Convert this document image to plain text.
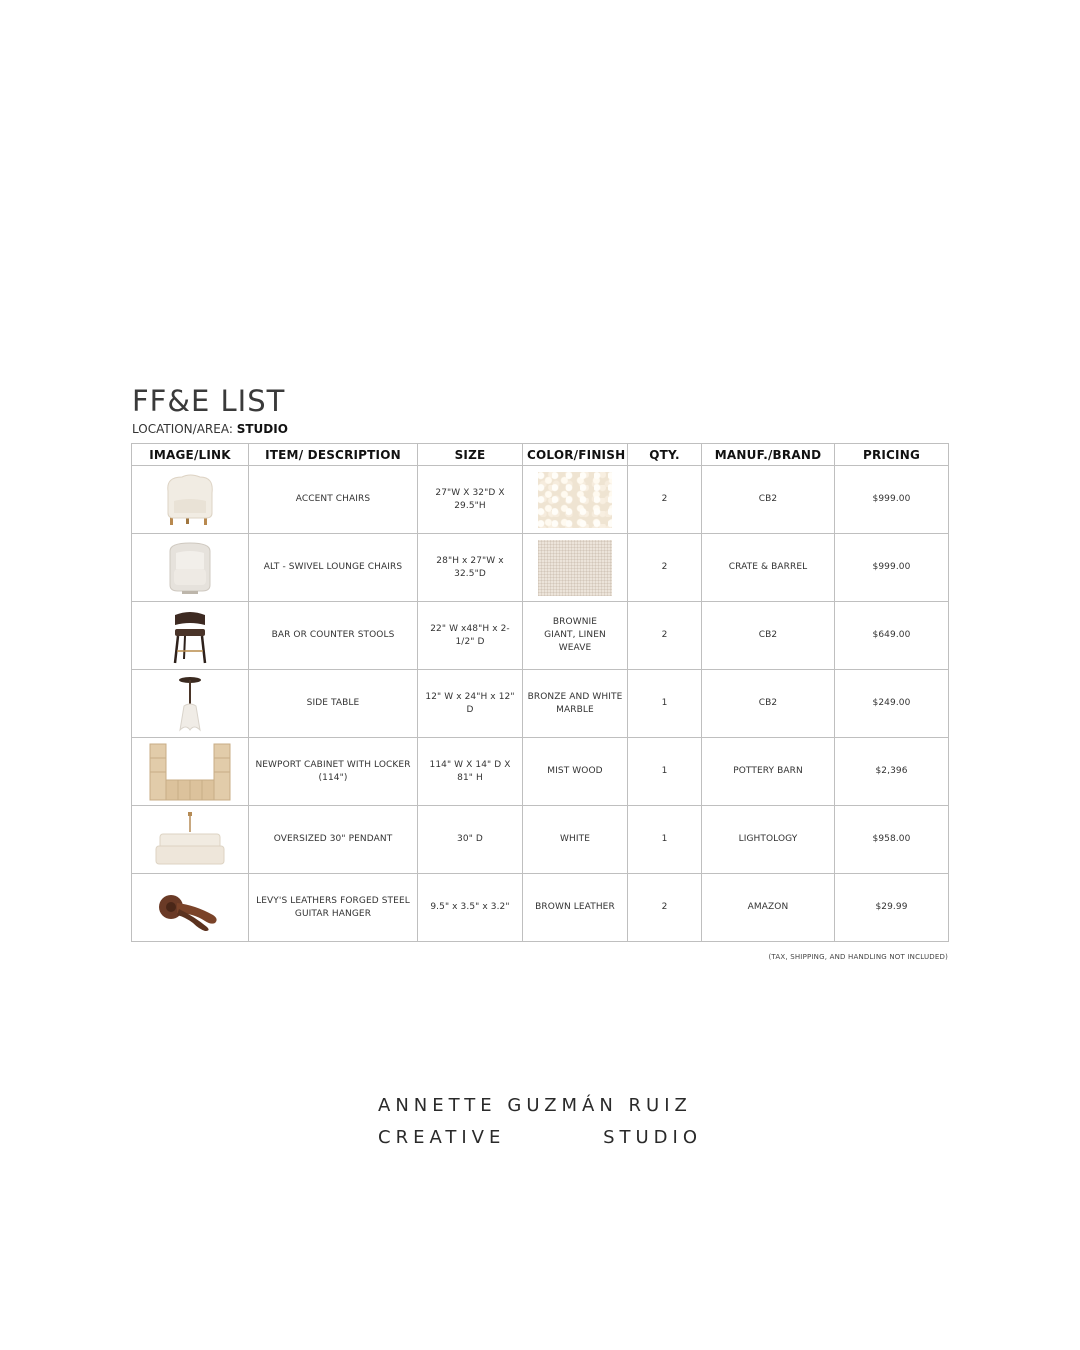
FF&E LIST
LOCATION/AREA: STUDIO
IMAGE/LINK	ITEM/ DESCRIPTION	SIZE	COLOR/FINISH	QTY.	MANUF./BRAND	PRICING

	ACCENT CHAIRS	27"W X 32"D X 29.5"H		2	CB2	$999.00

	ALT - SWIVEL LOUNGE CHAIRS	28"H x 27"W x 32.5"D		2	CRATE & BARREL	$999.00

	BAR OR COUNTER STOOLS	22" W x48"H x 2-1/2" D	BROWNIE
GIANT, LINEN WEAVE	2	CB2	$649.00

	SIDE TABLE	12" W x 24"H x 12" D	BRONZE AND WHITE
MARBLE	1	CB2	$249.00

	NEWPORT CABINET WITH LOCKER
(114")	114" W X 14" D X 81" H	MIST WOOD	1	POTTERY BARN	$2,396

	OVERSIZED 30" PENDANT	30" D	WHITE	1	LIGHTOLOGY	$958.00

	LEVY'S LEATHERS FORGED STEEL
GUITAR HANGER	9.5" x 3.5" x 3.2"	BROWN LEATHER	2	AMAZON	$29.99
(TAX, SHIPPING, AND HANDLING NOT INCLUDED)
ANNETTE GUZMÁN RUIZ
CREATIVE	STUDIO
